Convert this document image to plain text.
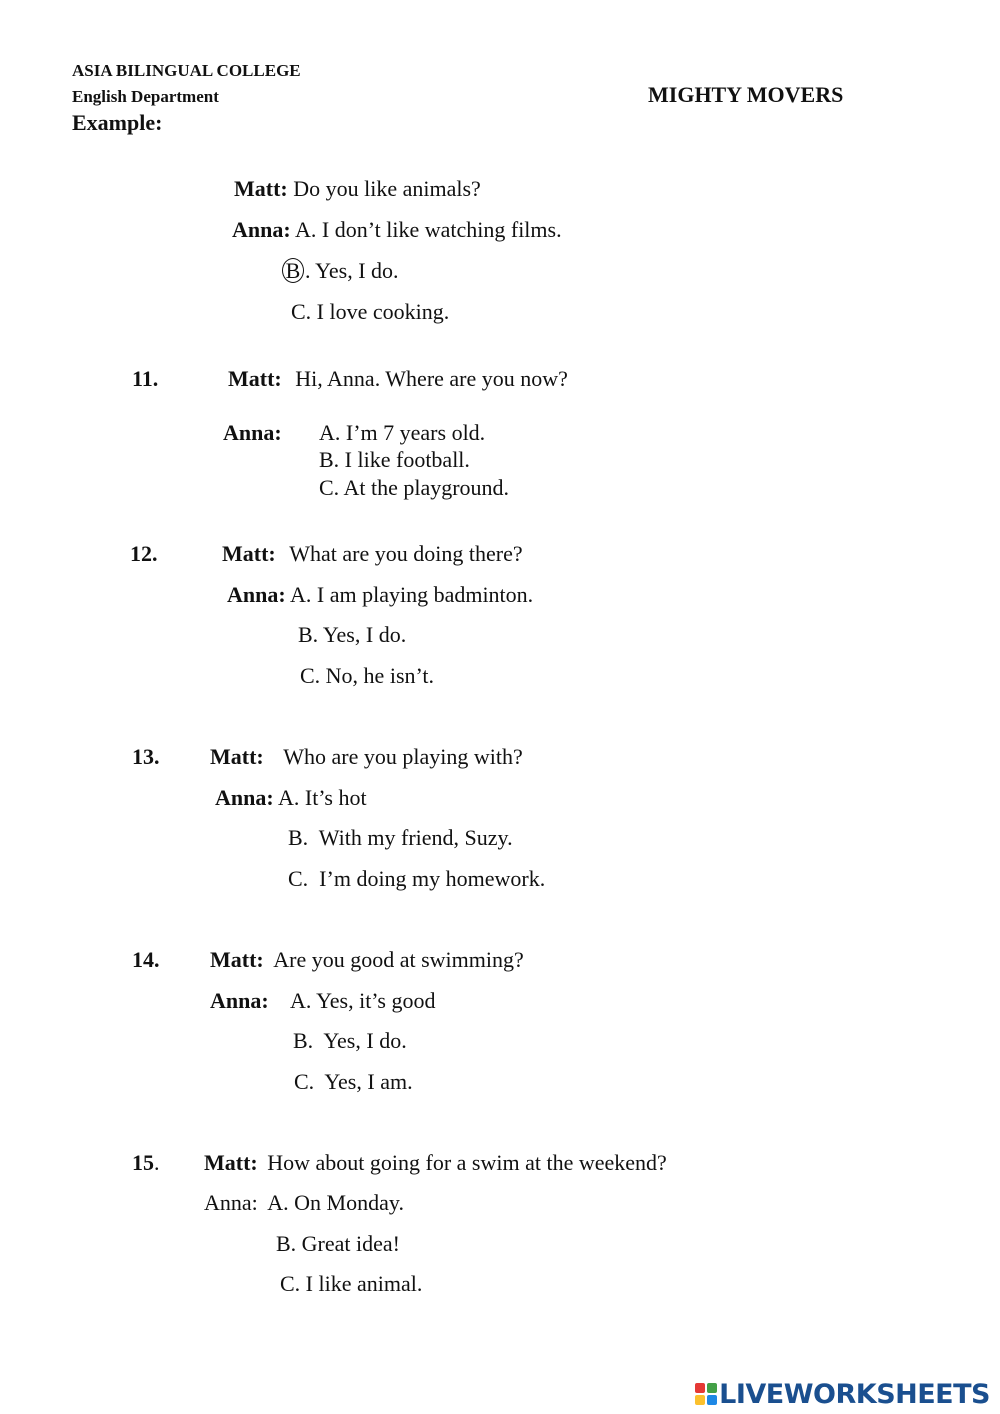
ASIA BILINGUAL COLLEGE
English Department
Example:
MIGHTY MOVERS
Matt: Do you like animals?
Anna: A. I don’t like watching films.
B . Yes, I do.
C. I love cooking.
11.	Matt: Hi, Anna. Where are you now?
Anna: A. I’m 7 years old.
B. I like football.
C. At the playground.
12.	Matt: What are you doing there?
Anna: A. I am playing badminton.
B. Yes, I do.
C. No, he isn’t.
13. Matt: Who are you playing with?
Anna: A. It’s hot
B.  With my friend, Suzy.
C.  I’m doing my homework.
14. Matt: Are you good at swimming?
Anna: A. Yes, it’s good
B.  Yes, I do.
C.  Yes, I am.
15. Matt: How about going for a swim at the weekend?
Anna: A. On Monday.
B. Great idea!
C. I like animal.
LIVEWORKSHEETS
